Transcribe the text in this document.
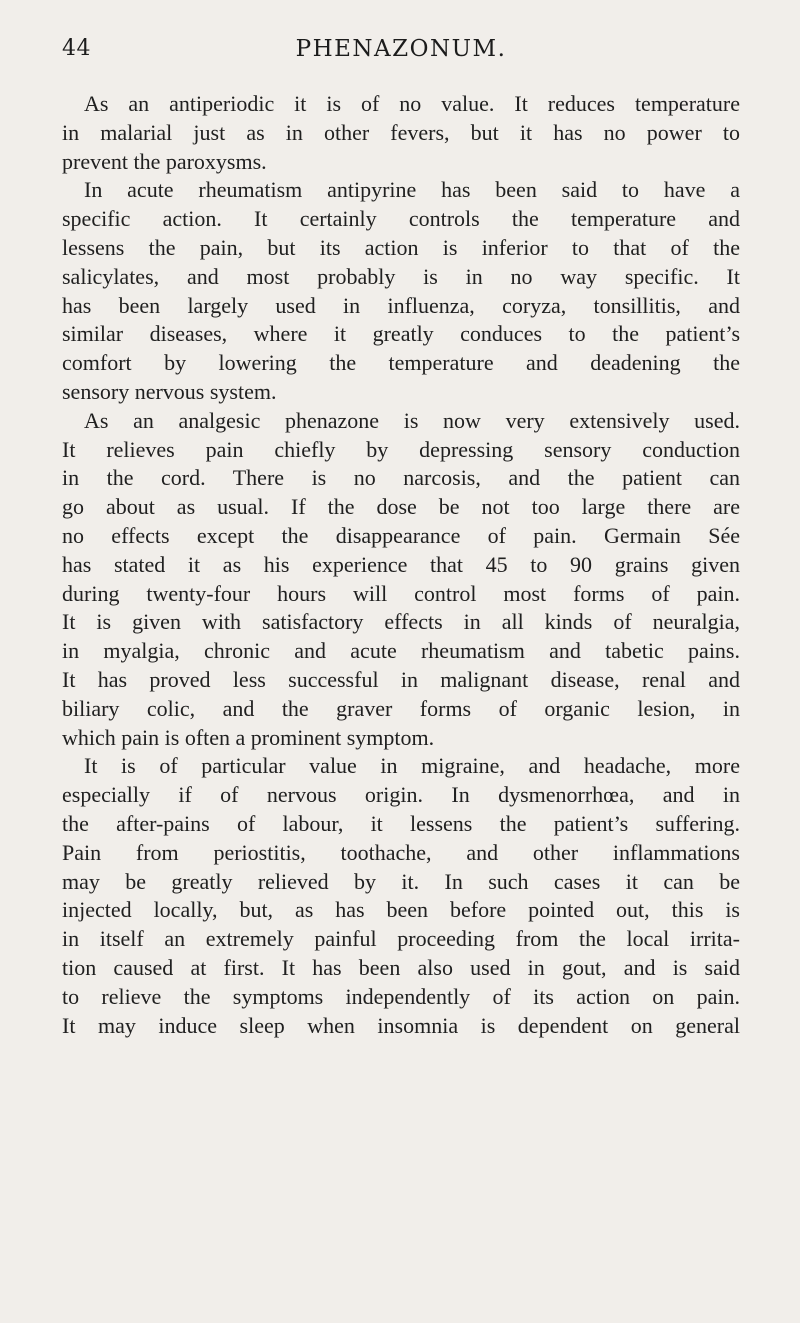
44	PHENAZONUM.
As an antiperiodic it is of no value. It reduces temperature
in malarial just as in other fevers, but it has no power to
prevent the paroxysms.
In acute rheumatism antipyrine has been said to have a
specific action. It certainly controls the temperature and
lessens the pain, but its action is inferior to that of the
salicylates, and most probably is in no way specific. It
has been largely used in influenza, coryza, tonsillitis, and
similar diseases, where it greatly conduces to the patient’s
comfort by lowering the temperature and deadening the
sensory nervous system.
As an analgesic phenazone is now very extensively used.
It relieves pain chiefly by depressing sensory conduction
in the cord. There is no narcosis, and the patient can
go about as usual. If the dose be not too large there are
no effects except the disappearance of pain. Germain Sée
has stated it as his experience that 45 to 90 grains given
during twenty-four hours will control most forms of pain.
It is given with satisfactory effects in all kinds of neuralgia,
in myalgia, chronic and acute rheumatism and tabetic pains.
It has proved less successful in malignant disease, renal and
biliary colic, and the graver forms of organic lesion, in
which pain is often a prominent symptom.
It is of particular value in migraine, and headache, more
especially if of nervous origin. In dysmenorrhœa, and in
the after-pains of labour, it lessens the patient’s suffering.
Pain from periostitis, toothache, and other inflammations
may be greatly relieved by it. In such cases it can be
injected locally, but, as has been before pointed out, this is
in itself an extremely painful proceeding from the local irrita-
tion caused at first. It has been also used in gout, and is said
to relieve the symptoms independently of its action on pain.
It may induce sleep when insomnia is dependent on general
